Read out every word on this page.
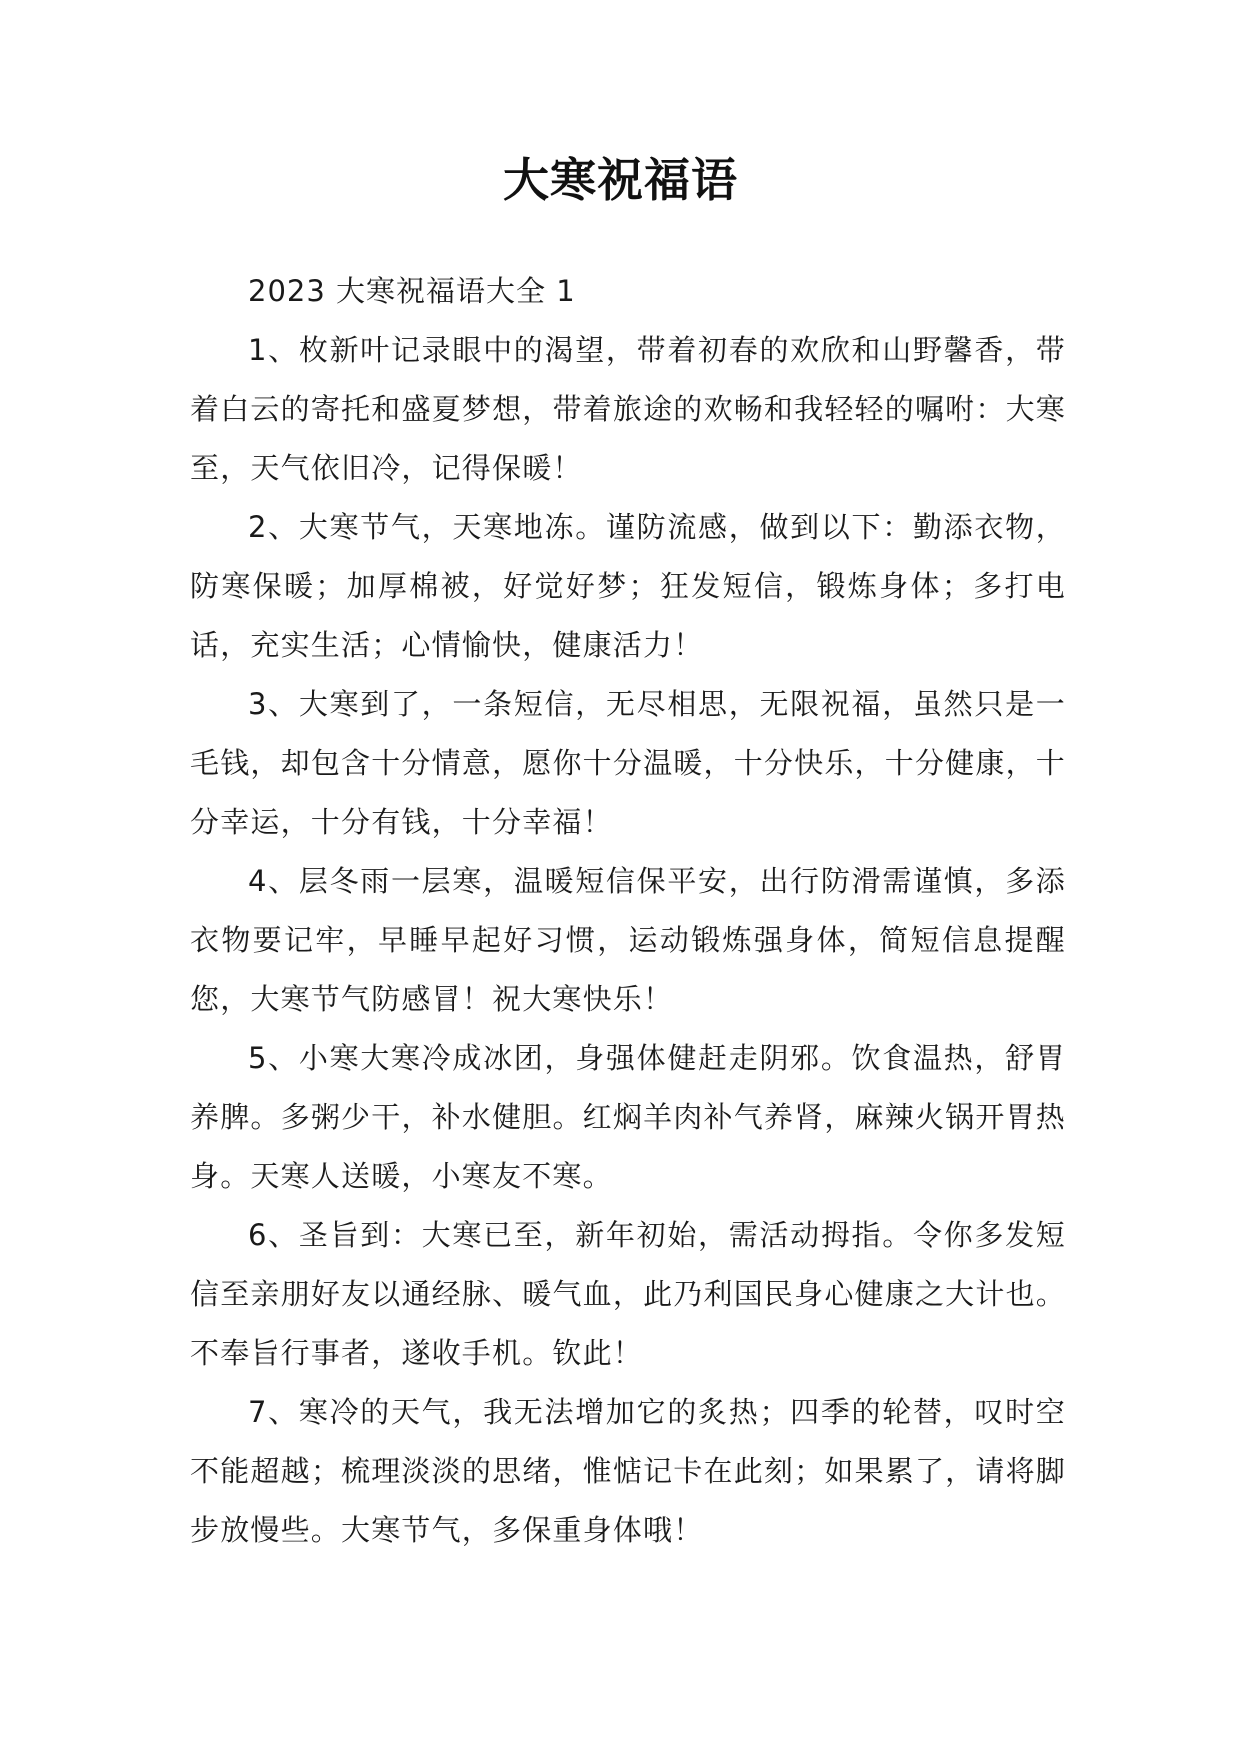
大寒祝福语

2023 大寒祝福语大全 1

1、枚新叶记录眼中的渴望，带着初春的欢欣和山野馨香，带着白云的寄托和盛夏梦想，带着旅途的欢畅和我轻轻的嘱咐：大寒至，天气依旧冷，记得保暖！

2、大寒节气，天寒地冻。谨防流感，做到以下：勤添衣物，防寒保暖；加厚棉被，好觉好梦；狂发短信，锻炼身体；多打电话，充实生活；心情愉快，健康活力！

3、大寒到了，一条短信，无尽相思，无限祝福，虽然只是一毛钱，却包含十分情意，愿你十分温暖，十分快乐，十分健康，十分幸运，十分有钱，十分幸福！

4、层冬雨一层寒，温暖短信保平安，出行防滑需谨慎，多添衣物要记牢，早睡早起好习惯，运动锻炼强身体，简短信息提醒您，大寒节气防感冒！祝大寒快乐！

5、小寒大寒冷成冰团，身强体健赶走阴邪。饮食温热，舒胃养脾。多粥少干，补水健胆。红焖羊肉补气养肾，麻辣火锅开胃热身。天寒人送暖，小寒友不寒。

6、圣旨到：大寒已至，新年初始，需活动拇指。令你多发短信至亲朋好友以通经脉、暖气血，此乃利国民身心健康之大计也。不奉旨行事者，遂收手机。钦此！

7、寒冷的天气，我无法增加它的炙热；四季的轮替，叹时空不能超越；梳理淡淡的思绪，惟惦记卡在此刻；如果累了，请将脚步放慢些。大寒节气，多保重身体哦！
